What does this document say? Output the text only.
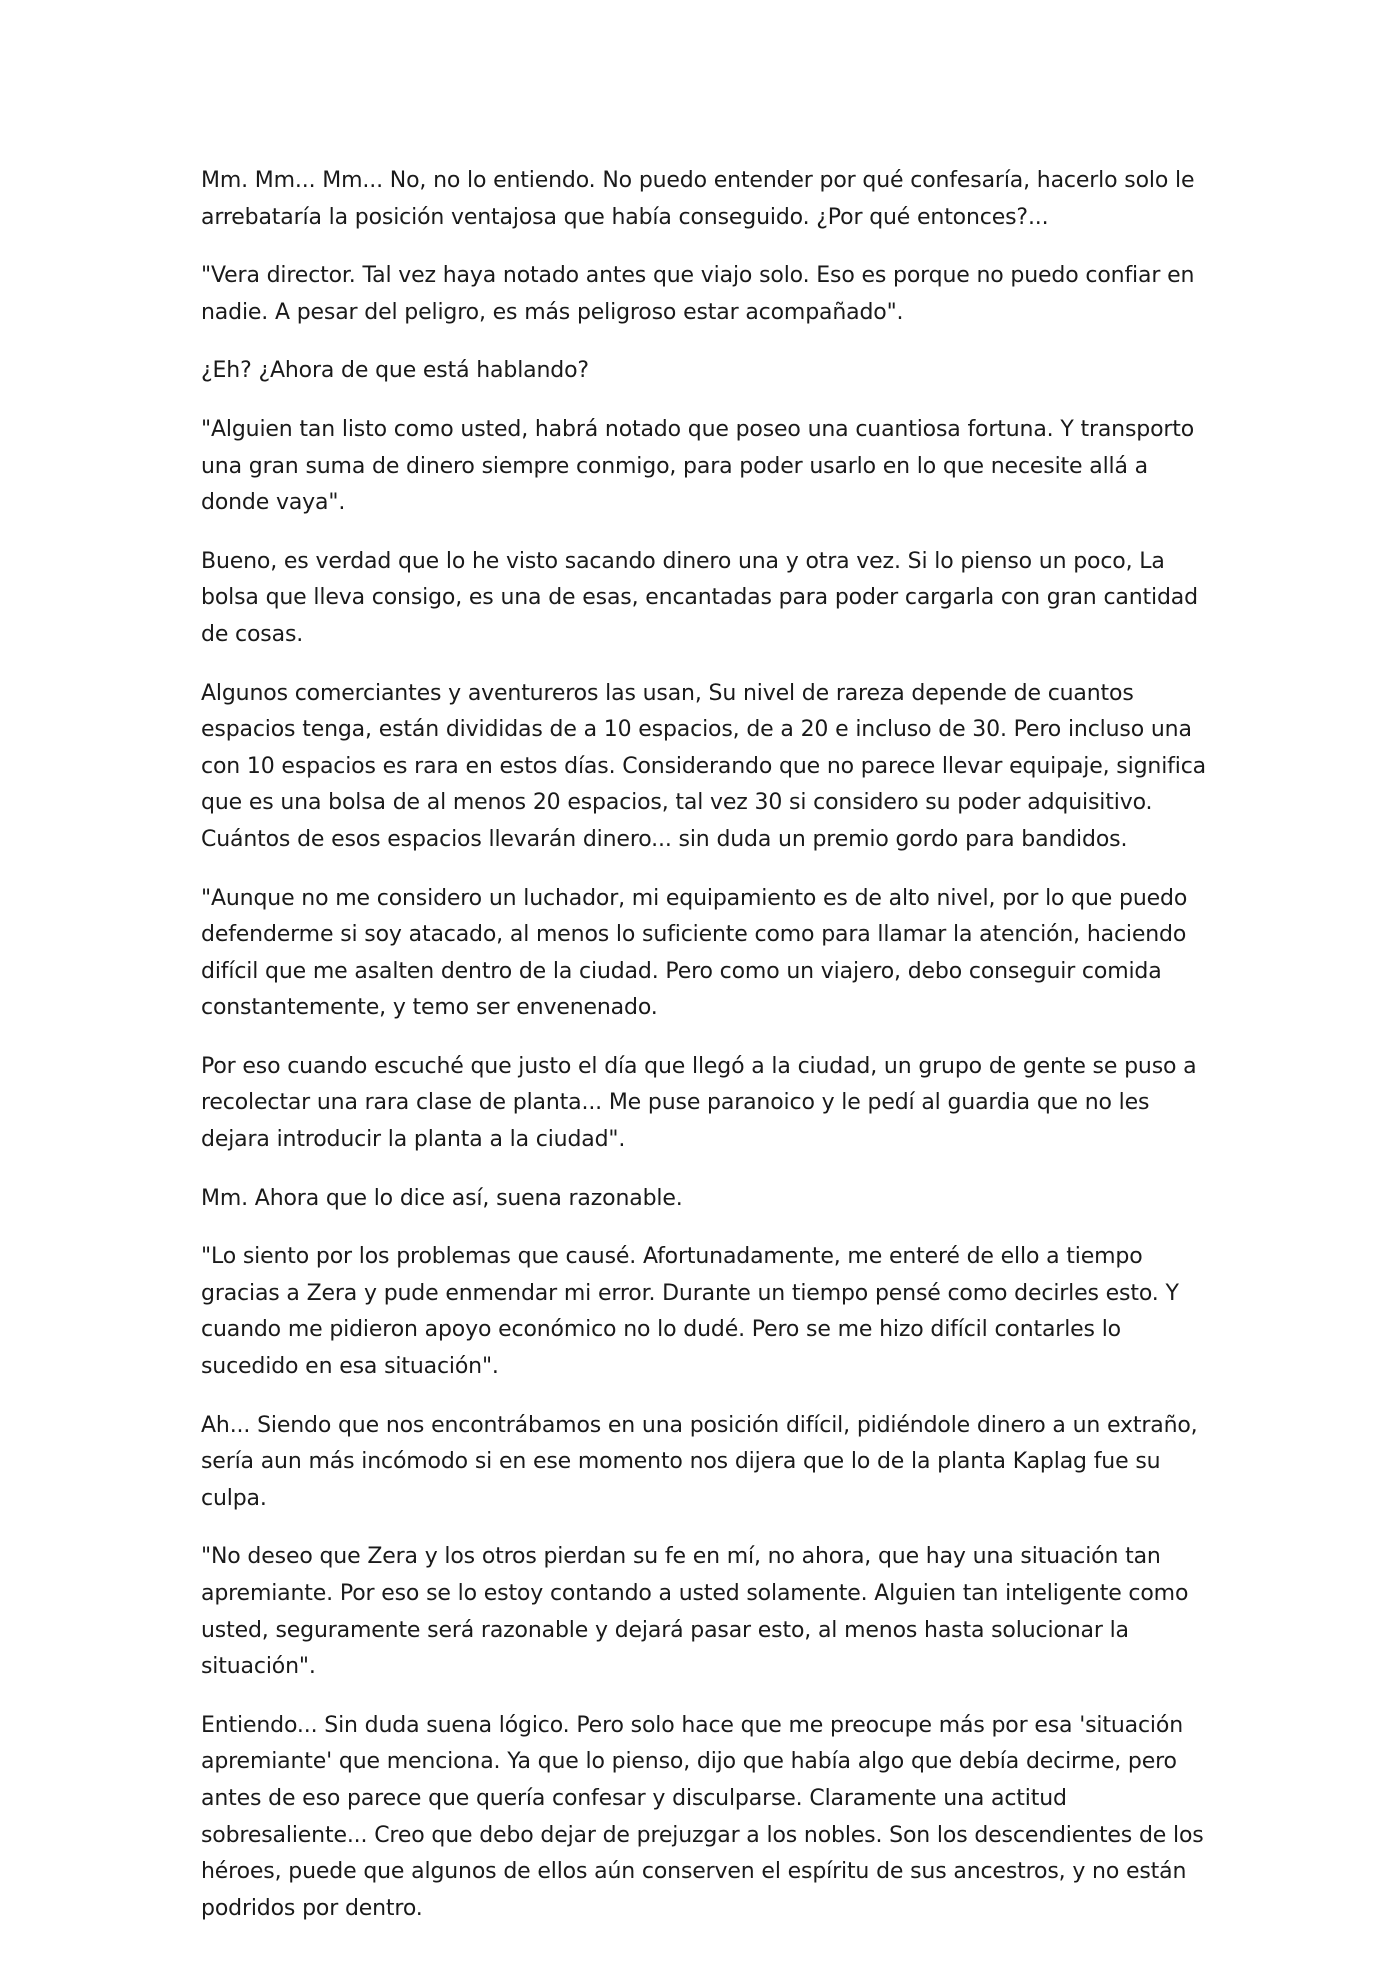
Mm. Mm... Mm... No, no lo entiendo. No puedo entender por qué confesaría, hacerlo solo le arrebataría la posición ventajosa que había conseguido. ¿Por qué entonces?...

"Vera director. Tal vez haya notado antes que viajo solo. Eso es porque no puedo confiar en nadie. A pesar del peligro, es más peligroso estar acompañado".

¿Eh? ¿Ahora de que está hablando?

"Alguien tan listo como usted, habrá notado que poseo una cuantiosa fortuna. Y transporto una gran suma de dinero siempre conmigo, para poder usarlo en lo que necesite allá a donde vaya".

Bueno, es verdad que lo he visto sacando dinero una y otra vez. Si lo pienso un poco, La bolsa que lleva consigo, es una de esas, encantadas para poder cargarla con gran cantidad de cosas.

Algunos comerciantes y aventureros las usan, Su nivel de rareza depende de cuantos espacios tenga, están divididas de a 10 espacios, de a 20 e incluso de 30. Pero incluso una con 10 espacios es rara en estos días. Considerando que no parece llevar equipaje, significa que es una bolsa de al menos 20 espacios, tal vez 30 si considero su poder adquisitivo. Cuántos de esos espacios llevarán dinero... sin duda un premio gordo para bandidos.

"Aunque no me considero un luchador, mi equipamiento es de alto nivel, por lo que puedo defenderme si soy atacado, al menos lo suficiente como para llamar la atención, haciendo difícil que me asalten dentro de la ciudad. Pero como un viajero, debo conseguir comida constantemente, y temo ser envenenado.

Por eso cuando escuché que justo el día que llegó a la ciudad, un grupo de gente se puso a recolectar una rara clase de planta... Me puse paranoico y le pedí al guardia que no les dejara introducir la planta a la ciudad".

Mm. Ahora que lo dice así, suena razonable.

"Lo siento por los problemas que causé. Afortunadamente, me enteré de ello a tiempo gracias a Zera y pude enmendar mi error. Durante un tiempo pensé como decirles esto. Y cuando me pidieron apoyo económico no lo dudé. Pero se me hizo difícil contarles lo sucedido en esa situación".

Ah... Siendo que nos encontrábamos en una posición difícil, pidiéndole dinero a un extraño, sería aun más incómodo si en ese momento nos dijera que lo de la planta Kaplag fue su culpa.

"No deseo que Zera y los otros pierdan su fe en mí, no ahora, que hay una situación tan apremiante. Por eso se lo estoy contando a usted solamente. Alguien tan inteligente como usted, seguramente será razonable y dejará pasar esto, al menos hasta solucionar la situación".

Entiendo... Sin duda suena lógico. Pero solo hace que me preocupe más por esa 'situación apremiante' que menciona. Ya que lo pienso, dijo que había algo que debía decirme, pero antes de eso parece que quería confesar y disculparse. Claramente una actitud sobresaliente... Creo que debo dejar de prejuzgar a los nobles. Son los descendientes de los héroes, puede que algunos de ellos aún conserven el espíritu de sus ancestros, y no están podridos por dentro.
